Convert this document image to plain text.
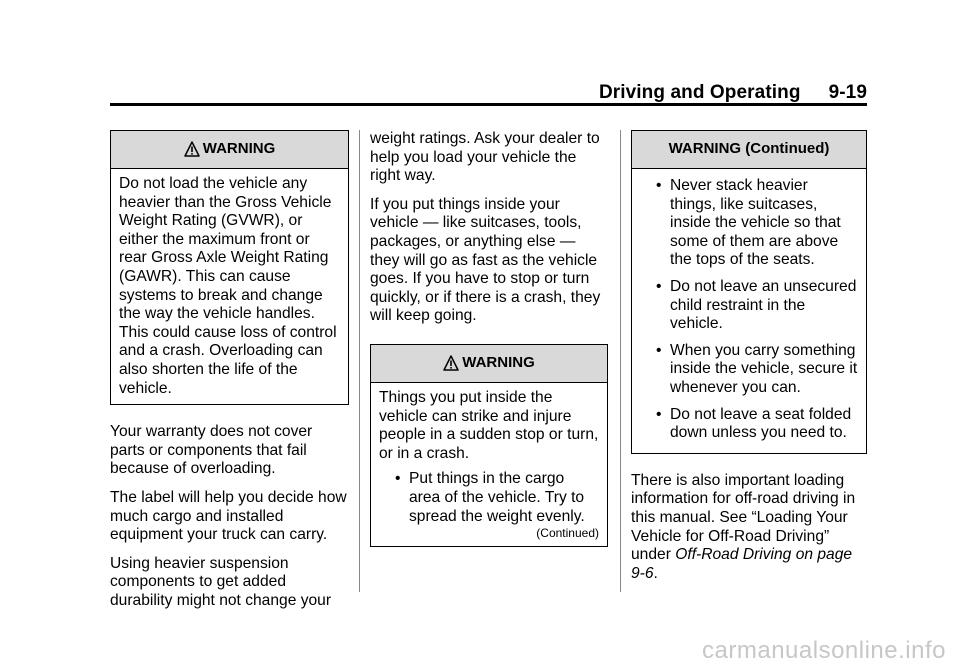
Driving and Operating 9-19
WARNING

Do not load the vehicle any heavier than the Gross Vehicle Weight Rating (GVWR), or either the maximum front or rear Gross Axle Weight Rating (GAWR). This can cause systems to break and change the way the vehicle handles. This could cause loss of control and a crash. Overloading can also shorten the life of the vehicle.

Your warranty does not cover parts or components that fail because of overloading.

The label will help you decide how much cargo and installed equipment your truck can carry.

Using heavier suspension components to get added durability might not change your

weight ratings. Ask your dealer to help you load your vehicle the right way.

If you put things inside your vehicle — like suitcases, tools, packages, or anything else — they will go as fast as the vehicle goes. If you have to stop or turn quickly, or if there is a crash, they will keep going.

WARNING

Things you put inside the vehicle can strike and injure people in a sudden stop or turn, or in a crash.

• Put things in the cargo area of the vehicle. Try to spread the weight evenly.
(Continued)
WARNING (Continued)
• Never stack heavier things, like suitcases, inside the vehicle so that some of them are above the tops of the seats.
• Do not leave an unsecured child restraint in the vehicle.
• When you carry something inside the vehicle, secure it whenever you can.
• Do not leave a seat folded down unless you need to.

There is also important loading information for off-road driving in this manual. See “Loading Your Vehicle for Off-Road Driving” under Off-Road Driving on page 9-6.

carmanualsonline.info
